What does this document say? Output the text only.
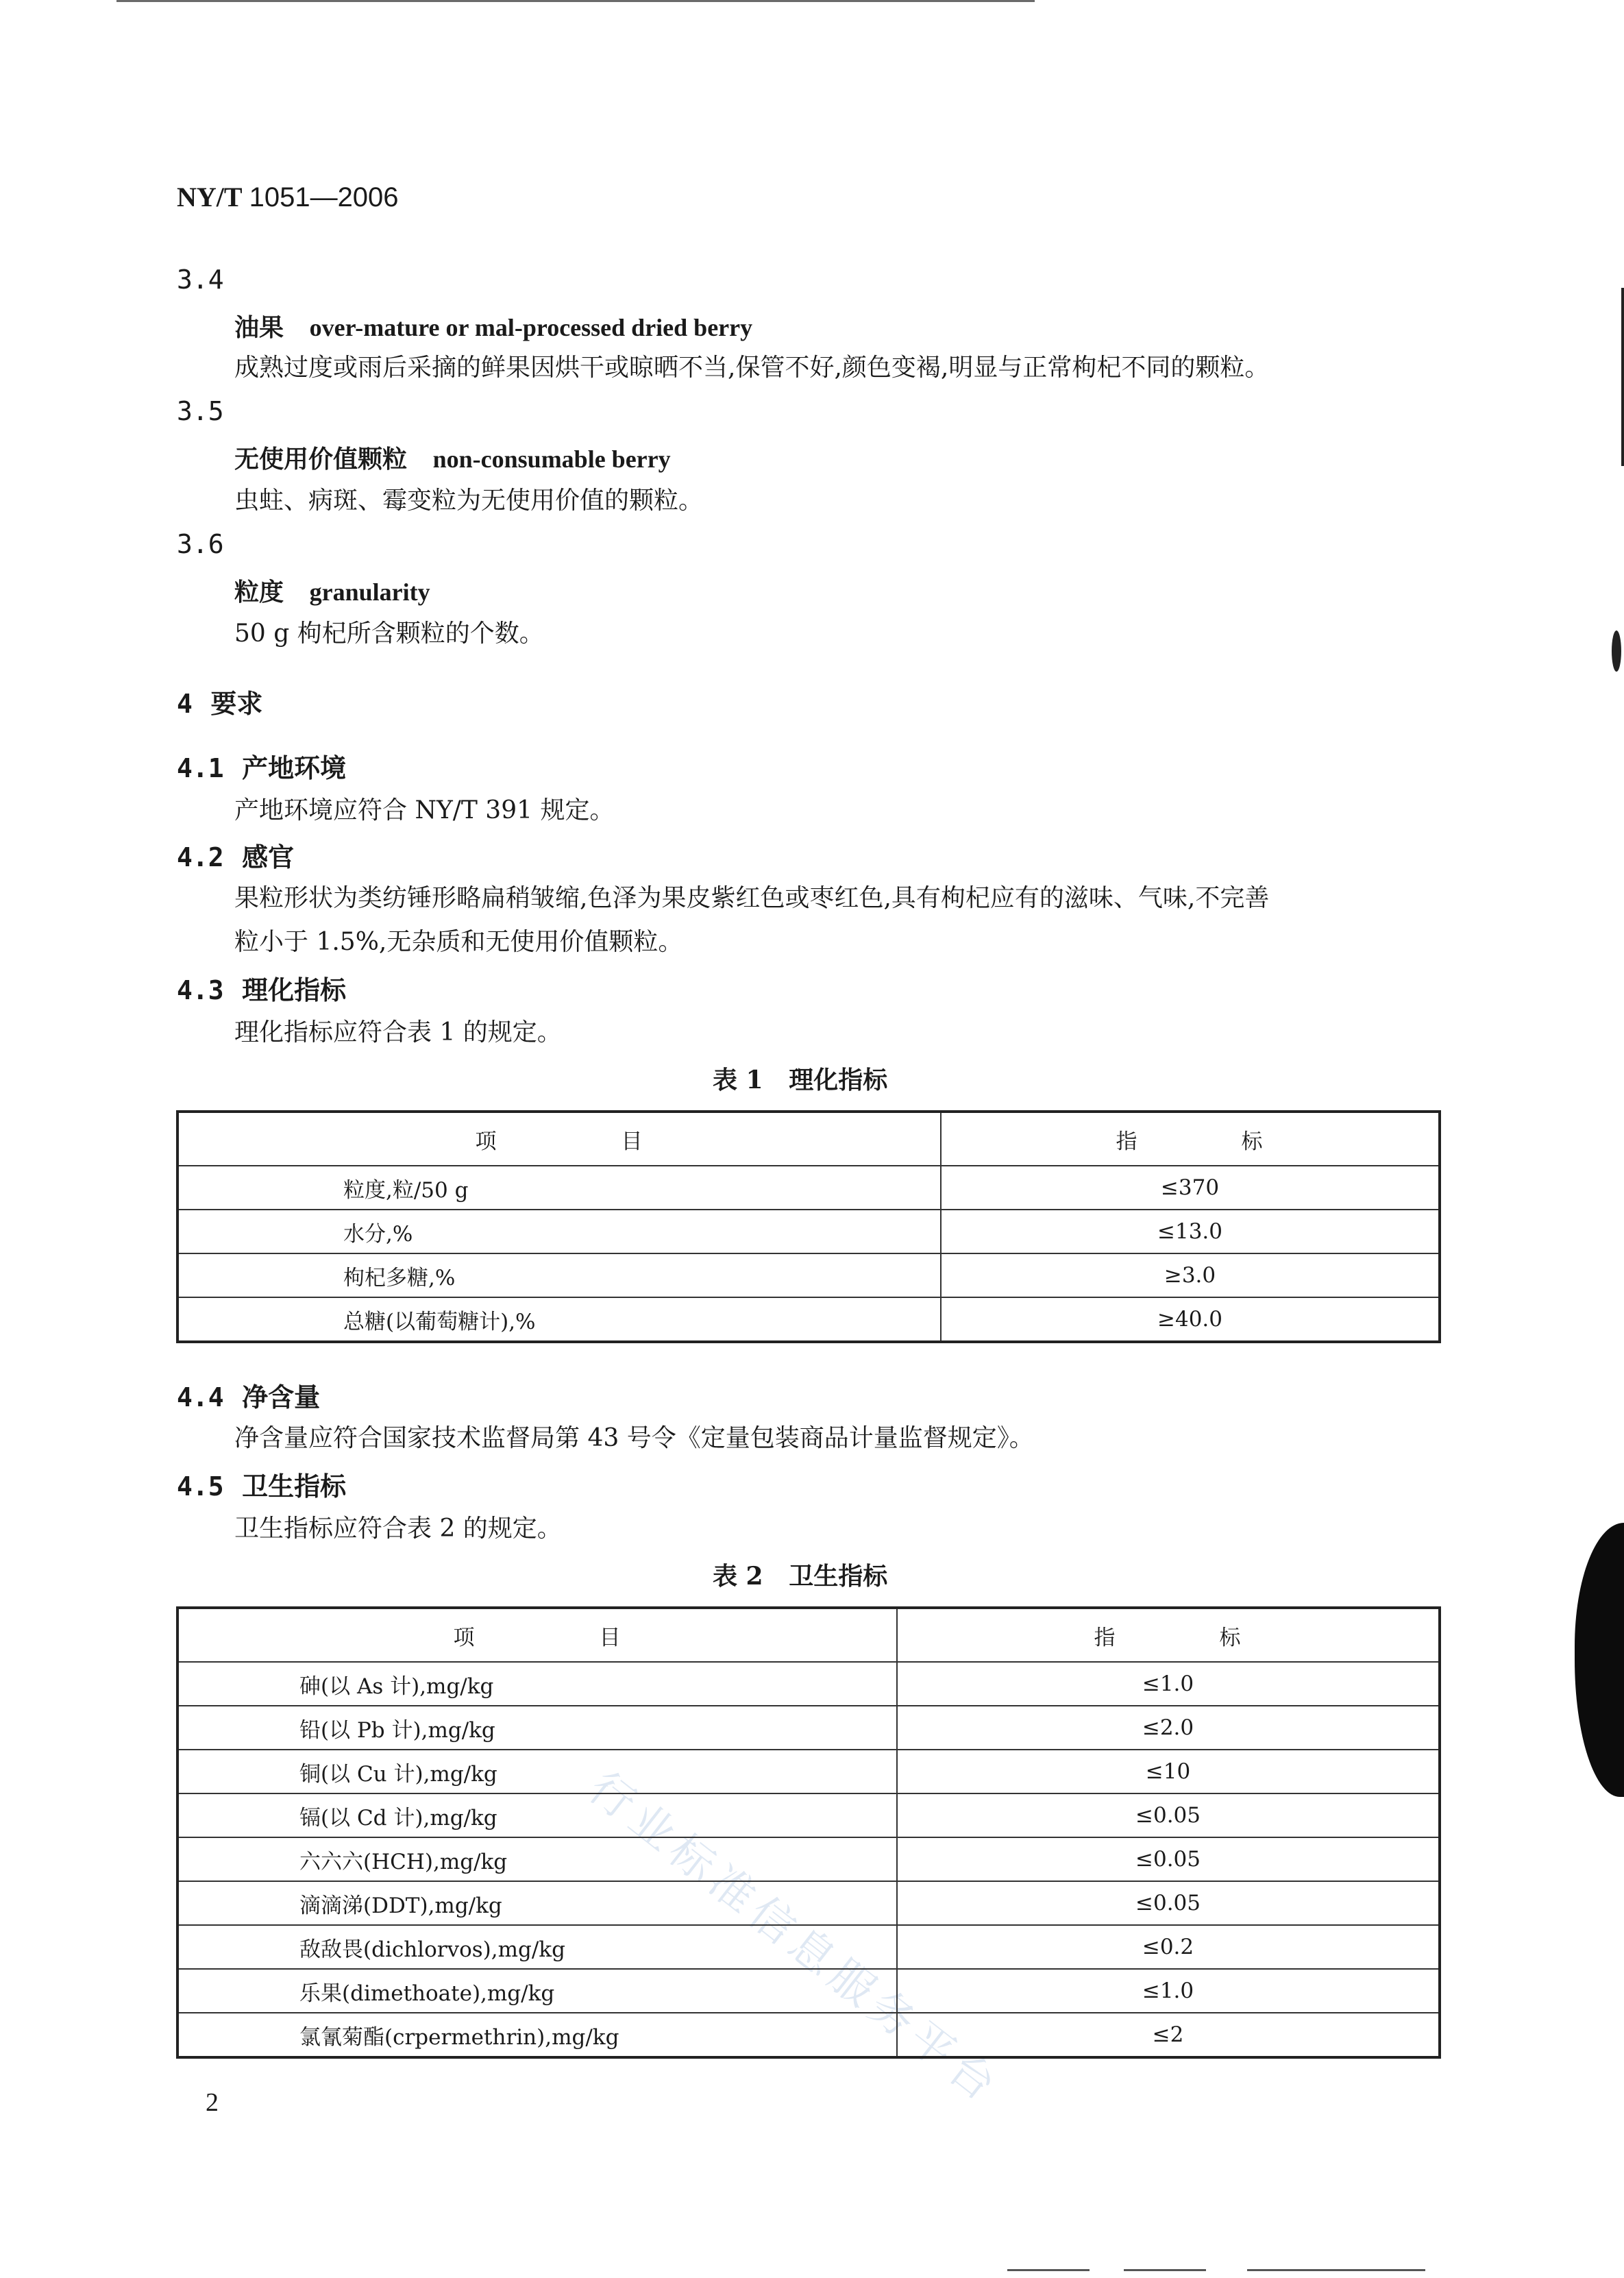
行业标准信息服务平台
NY/T 1051—2006
3.4
油果 over-mature or mal-processed dried berry
成熟过度或雨后采摘的鲜果因烘干或晾晒不当,保管不好,颜色变褐,明显与正常枸杞不同的颗粒。
3.5
无使用价值颗粒 non-consumable berry
虫蛀、病斑、霉变粒为无使用价值的颗粒。
3.6
粒度 granularity
50 g 枸杞所含颗粒的个数。
4 要求
4.1 产地环境
产地环境应符合 NY/T 391 规定。
4.2 感官
果粒形状为类纺锤形略扁稍皱缩,色泽为果皮紫红色或枣红色,具有枸杞应有的滋味、气味,不完善
粒小于 1.5%,无杂质和无使用价值颗粒。
4.3 理化指标
理化指标应符合表 1 的规定。
表 1 理化指标
项 目	指 标
粒度,粒/50 g	≤370
水分,%	≤13.0
枸杞多糖,%	≥3.0
总糖(以葡萄糖计),%	≥40.0
4.4 净含量
净含量应符合国家技术监督局第 43 号令《定量包装商品计量监督规定》。
4.5 卫生指标
卫生指标应符合表 2 的规定。
表 2 卫生指标
项 目	指 标
砷(以 As 计),mg/kg	≤1.0
铅(以 Pb 计),mg/kg	≤2.0
铜(以 Cu 计),mg/kg	≤10
镉(以 Cd 计),mg/kg	≤0.05
六六六(HCH),mg/kg	≤0.05
滴滴涕(DDT),mg/kg	≤0.05
敌敌畏(dichlorvos),mg/kg	≤0.2
乐果(dimethoate),mg/kg	≤1.0
氯氰菊酯(crpermethrin),mg/kg	≤2
2
